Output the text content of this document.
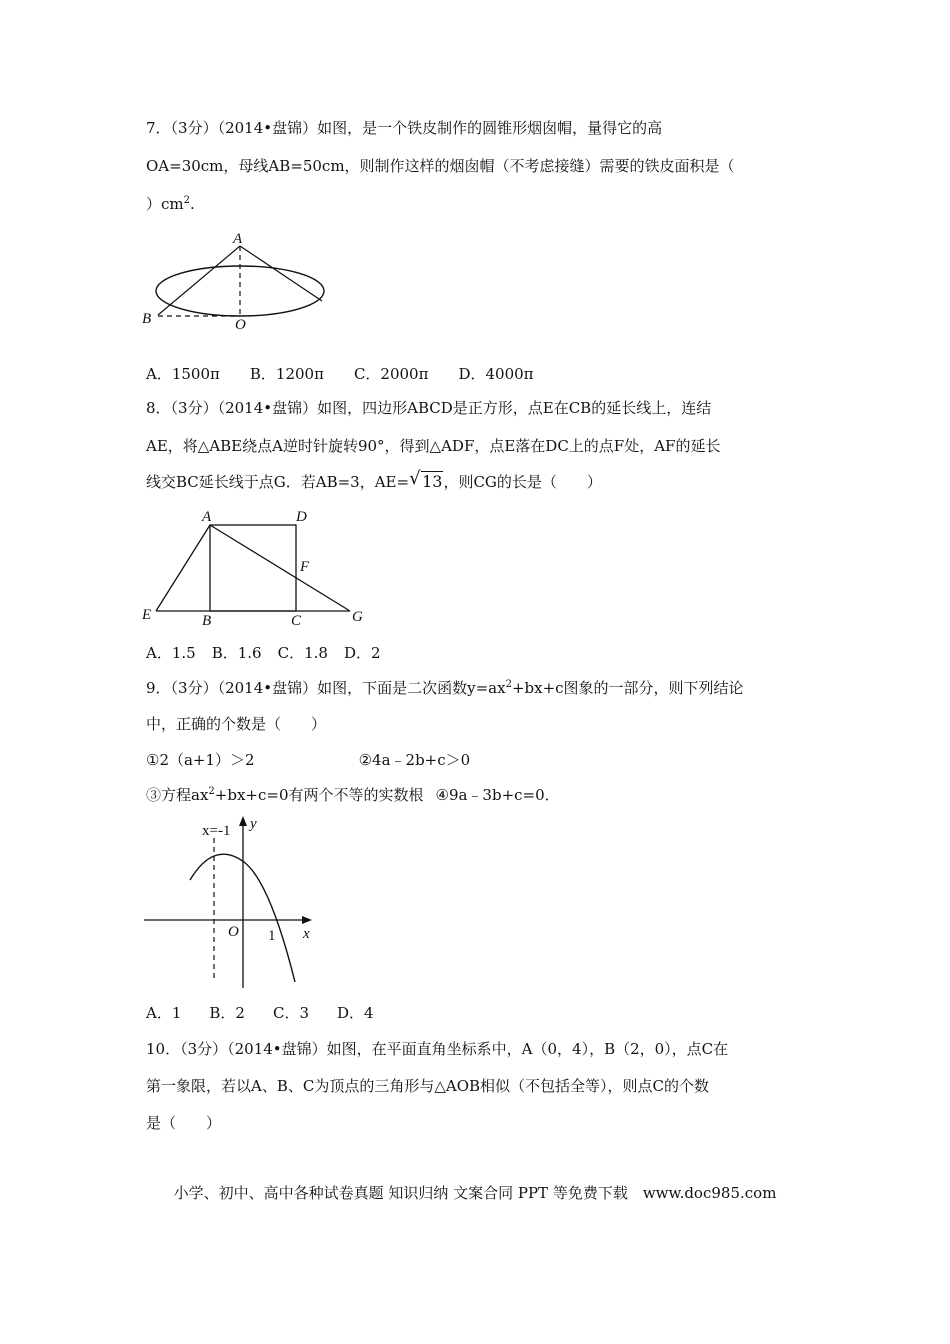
7．（3分）（2014•盘锦）如图，是一个铁皮制作的圆锥形烟囱帽，量得它的高
OA=30cm，母线AB=50cm，则制作这样的烟囱帽（不考虑接缝）需要的铁皮面积是（
）$cm^2$.
A
B	O
A．1500π B．1200π C．2000π D．4000π
8．（3分）（2014•盘锦）如图，四边形ABCD是正方形，点E在CB的延长线上，连结
AE，将△ABE绕点A逆时针旋转90°，得到△ADF，点E落在DC上的点F处，AF的延长
线交BC延长线于点G．若AB=3，AE= √ 13，则CG的长是（　　）
A	D
F
E	B	C	G
A．1.5 B．1.6 C．1.8 D．2
9．（3分）（2014•盘锦）如图，下面是二次函数$y=ax^2+bx+c$图象的一部分，则下列结论
中，正确的个数是（　　）
①2（a+1）＞2	②4a﹣2b+c＞0
③方程$ax^2+bx+c=0$有两个不等的实数根 ④9a﹣3b+c=0．
x=-1 y
x
O 1
A．1 B．2 C．3 D．4
10．（3分）（2014•盘锦）如图，在平面直角坐标系中，A（0，4），B（2，0），点C在
第一象限，若以A、B、C为顶点的三角形与△AOB相似（不包括全等），则点C的个数
是（　　）
小学、初中、高中各种试卷真题 知识归纳 文案合同 PPT 等免费下载　www.doc985.com
